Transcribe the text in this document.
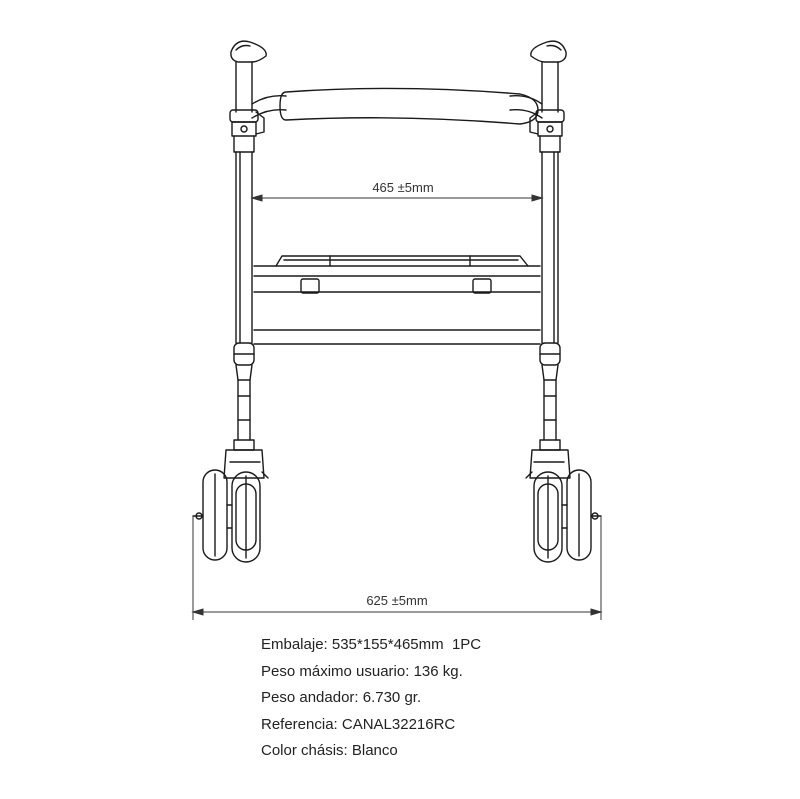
465 ±5mm
625 ±5mm
Embalaje: 535*155*465mm  1PC
Peso máximo usuario: 136 kg.
Peso andador: 6.730 gr.
Referencia: CANAL32216RC
Color chásis: Blanco
